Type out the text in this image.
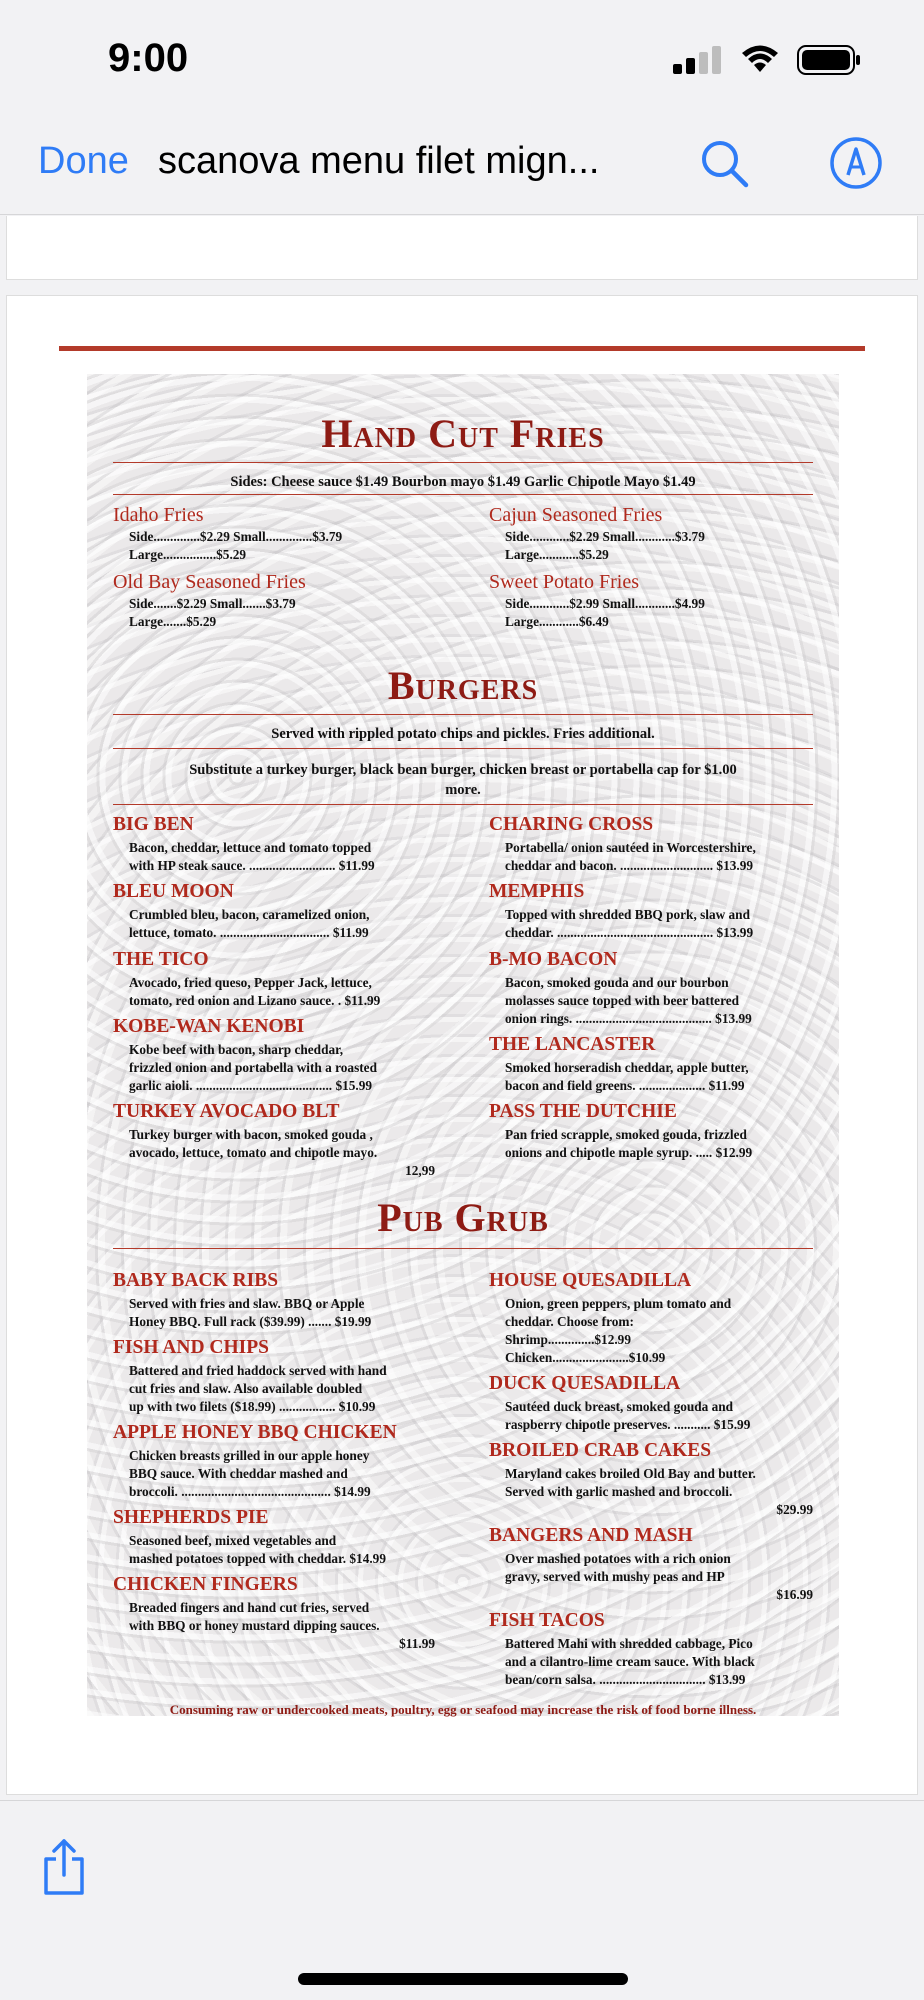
9:00
Done scanova menu filet mign...
Hand Cut Fries
Sides: Cheese sauce $1.49 Bourbon mayo $1.49 Garlic Chipotle Mayo $1.49
Idaho Fries
Side..............$2.29 Small..............$3.79
Large................$5.29
Cajun Seasoned Fries
Side............$2.29 Small............$3.79
Large............$5.29
Old Bay Seasoned Fries
Side.......$2.29 Small.......$3.79
Large.......$5.29
Sweet Potato Fries
Side............$2.99 Small............$4.99
Large............$6.49
Burgers
Served with rippled potato chips and pickles. Fries additional.
Substitute a turkey burger, black bean burger, chicken breast or portabella cap for $1.00
more.
BIG BEN
Bacon, cheddar, lettuce and tomato topped
with HP steak sauce. .......................... $11.99
BLEU MOON
Crumbled bleu, bacon, caramelized onion,
lettuce, tomato. ................................. $11.99
THE TICO
Avocado, fried queso, Pepper Jack, lettuce,
tomato, red onion and Lizano sauce. . $11.99
KOBE-WAN KENOBI
Kobe beef with bacon, sharp cheddar,
frizzled onion and portabella with a roasted
garlic aioli. ......................................... $15.99
TURKEY AVOCADO BLT
Turkey burger with bacon, smoked gouda ,
avocado, lettuce, tomato and chipotle mayo.
12,99
CHARING CROSS
Portabella/ onion sautéed in Worcestershire,
cheddar and bacon. ............................ $13.99
MEMPHIS
Topped with shredded BBQ pork, slaw and
cheddar. ............................................... $13.99
B-MO BACON
Bacon, smoked gouda and our bourbon
molasses sauce topped with beer battered
onion rings. ......................................... $13.99
THE LANCASTER
Smoked horseradish cheddar, apple butter,
bacon and field greens. .................... $11.99
PASS THE DUTCHIE
Pan fried scrapple, smoked gouda, frizzled
onions and chipotle maple syrup. ..... $12.99
Pub Grub
BABY BACK RIBS
Served with fries and slaw. BBQ or Apple
Honey BBQ. Full rack ($39.99) ....... $19.99
FISH AND CHIPS
Battered and fried haddock served with hand
cut fries and slaw. Also available doubled
up with two filets ($18.99) ................. $10.99
APPLE HONEY BBQ CHICKEN
Chicken breasts grilled in our apple honey
BBQ sauce. With cheddar mashed and
broccoli. ............................................. $14.99
SHEPHERDS PIE
Seasoned beef, mixed vegetables and
mashed potatoes topped with cheddar. $14.99
CHICKEN FINGERS
Breaded fingers and hand cut fries, served
with BBQ or honey mustard dipping sauces.
$11.99
HOUSE QUESADILLA
Onion, green peppers, plum tomato and
cheddar. Choose from:
Shrimp..............$12.99
Chicken.......................$10.99
DUCK QUESADILLA
Sautéed duck breast, smoked gouda and
raspberry chipotle preserves. ........... $15.99
BROILED CRAB CAKES
Maryland cakes broiled Old Bay and butter.
Served with garlic mashed and broccoli.
$29.99
BANGERS AND MASH
Over mashed potatoes with a rich onion
gravy, served with mushy peas and HP
$16.99
FISH TACOS
Battered Mahi with shredded cabbage, Pico
and a cilantro-lime cream sauce. With black
bean/corn salsa. ................................ $13.99
Consuming raw or undercooked meats, poultry, egg or seafood may increase the risk of food borne illness.
